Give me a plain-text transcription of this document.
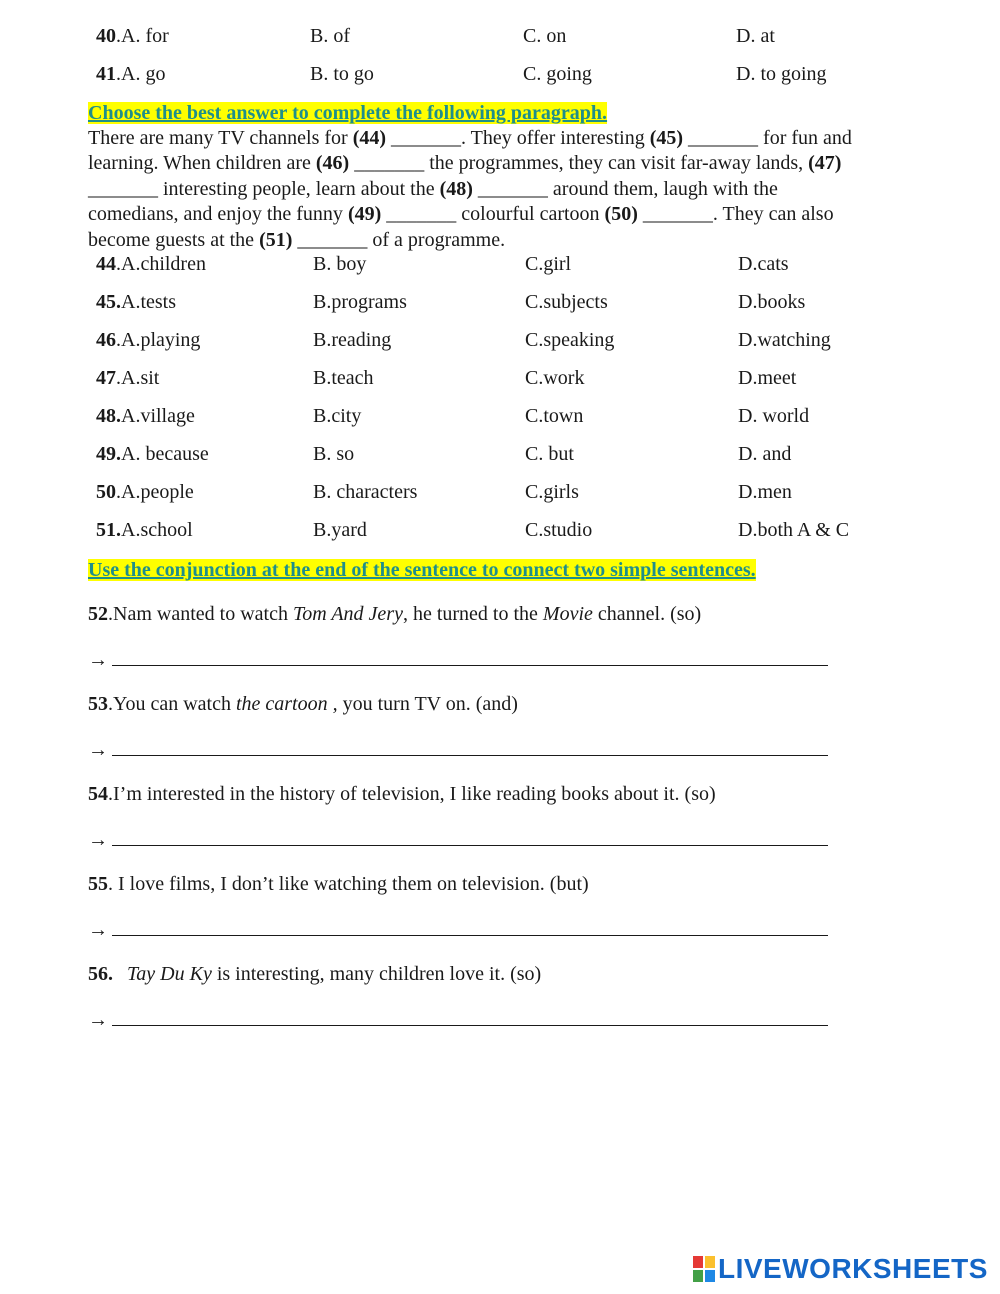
40.A. for	B. of	C. on	D. at
41.A. go	B. to go	C. going	D. to going
Choose the best answer to complete the following paragraph.
There are many TV channels for (44) _______. They offer interesting (45) _______ for fun and
learning. When children are (46) _______ the programmes, they can visit far-away lands, (47)
_______ interesting people, learn about the (48) _______ around them, laugh with the
comedians, and enjoy the funny (49) _______ colourful cartoon (50) _______. They can also
become guests at the (51) _______ of a programme.
44.A.children	B. boy	C.girl	D.cats
45.A.tests	B.programs	C.subjects	D.books
46.A.playing	B.reading	C.speaking	D.watching
47.A.sit	B.teach	C.work	D.meet
48.A.village	B.city	C.town	D. world
49.A. because	B. so	C. but	D. and
50.A.people	B. characters	C.girls	D.men
51.A.school	B.yard	C.studio	D.both A & C
Use the conjunction at the end of the sentence to connect two simple sentences.
52.Nam wanted to watch Tom And Jery, he turned to the Movie channel. (so)
→
53.You can watch the cartoon , you turn TV on. (and)
→
54.I’m interested in the history of television, I like reading books about it. (so)
→
55. I love films, I don’t like watching them on television. (but)
→
56. Tay Du Ky is interesting, many children love it. (so)
→
LIVEWORKSHEETS
